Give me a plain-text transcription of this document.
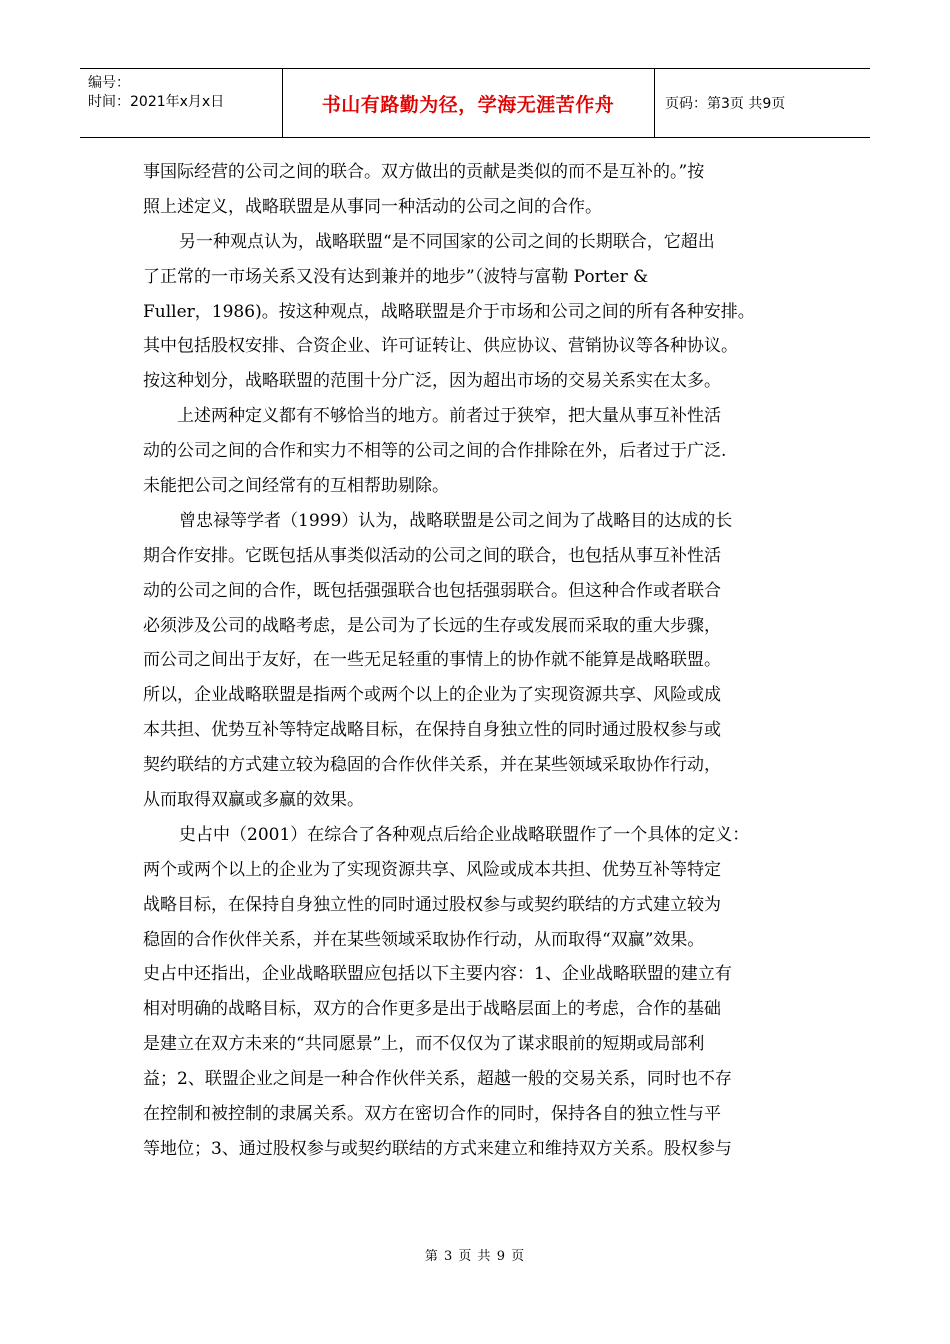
编号：
时间：2021年x月x日	书山有路勤为径，学海无涯苦作舟	页码：第3页 共9页
事国际经营的公司之间的联合。双方做出的贡献是类似的而不是互补的。”按
照上述定义，战略联盟是从事同一种活动的公司之间的合作。
另一种观点认为，战略联盟“是不同国家的公司之间的长期联合，它超出
了正常的一市场关系又没有达到兼并的地步”（波特与富勒 Porter &
Fuller，1986)。按这种观点，战略联盟是介于市场和公司之间的所有各种安排。
其中包括股权安排、合资企业、许可证转让、供应协议、营销协议等各种协议。
按这种划分，战略联盟的范围十分广泛，因为超出市场的交易关系实在太多。
上述两种定义都有不够恰当的地方。前者过于狭窄，把大量从事互补性活
动的公司之间的合作和实力不相等的公司之间的合作排除在外，后者过于广泛.
未能把公司之间经常有的互相帮助剔除。
曾忠禄等学者（1999）认为，战略联盟是公司之间为了战略目的达成的长
期合作安排。它既包括从事类似活动的公司之间的联合，也包括从事互补性活
动的公司之间的合作，既包括强强联合也包括强弱联合。但这种合作或者联合
必须涉及公司的战略考虑，是公司为了长远的生存或发展而采取的重大步骤，
而公司之间出于友好，在一些无足轻重的事情上的协作就不能算是战略联盟。
所以，企业战略联盟是指两个或两个以上的企业为了实现资源共享、风险或成
本共担、优势互补等特定战略目标，在保持自身独立性的同时通过股权参与或
契约联结的方式建立较为稳固的合作伙伴关系，并在某些领域采取协作行动，
从而取得双赢或多赢的效果。
史占中（2001）在综合了各种观点后给企业战略联盟作了一个具体的定义：
两个或两个以上的企业为了实现资源共享、风险或成本共担、优势互补等特定
战略目标，在保持自身独立性的同时通过股权参与或契约联结的方式建立较为
稳固的合作伙伴关系，并在某些领域采取协作行动，从而取得“双赢”效果。
史占中还指出，企业战略联盟应包括以下主要内容：1、企业战略联盟的建立有
相对明确的战略目标，双方的合作更多是出于战略层面上的考虑，合作的基础
是建立在双方未来的“共同愿景”上，而不仅仅为了谋求眼前的短期或局部利
益；2、联盟企业之间是一种合作伙伴关系，超越一般的交易关系，同时也不存
在控制和被控制的隶属关系。双方在密切合作的同时，保持各自的独立性与平
等地位；3、通过股权参与或契约联结的方式来建立和维持双方关系。股权参与
第 3 页 共 9 页
